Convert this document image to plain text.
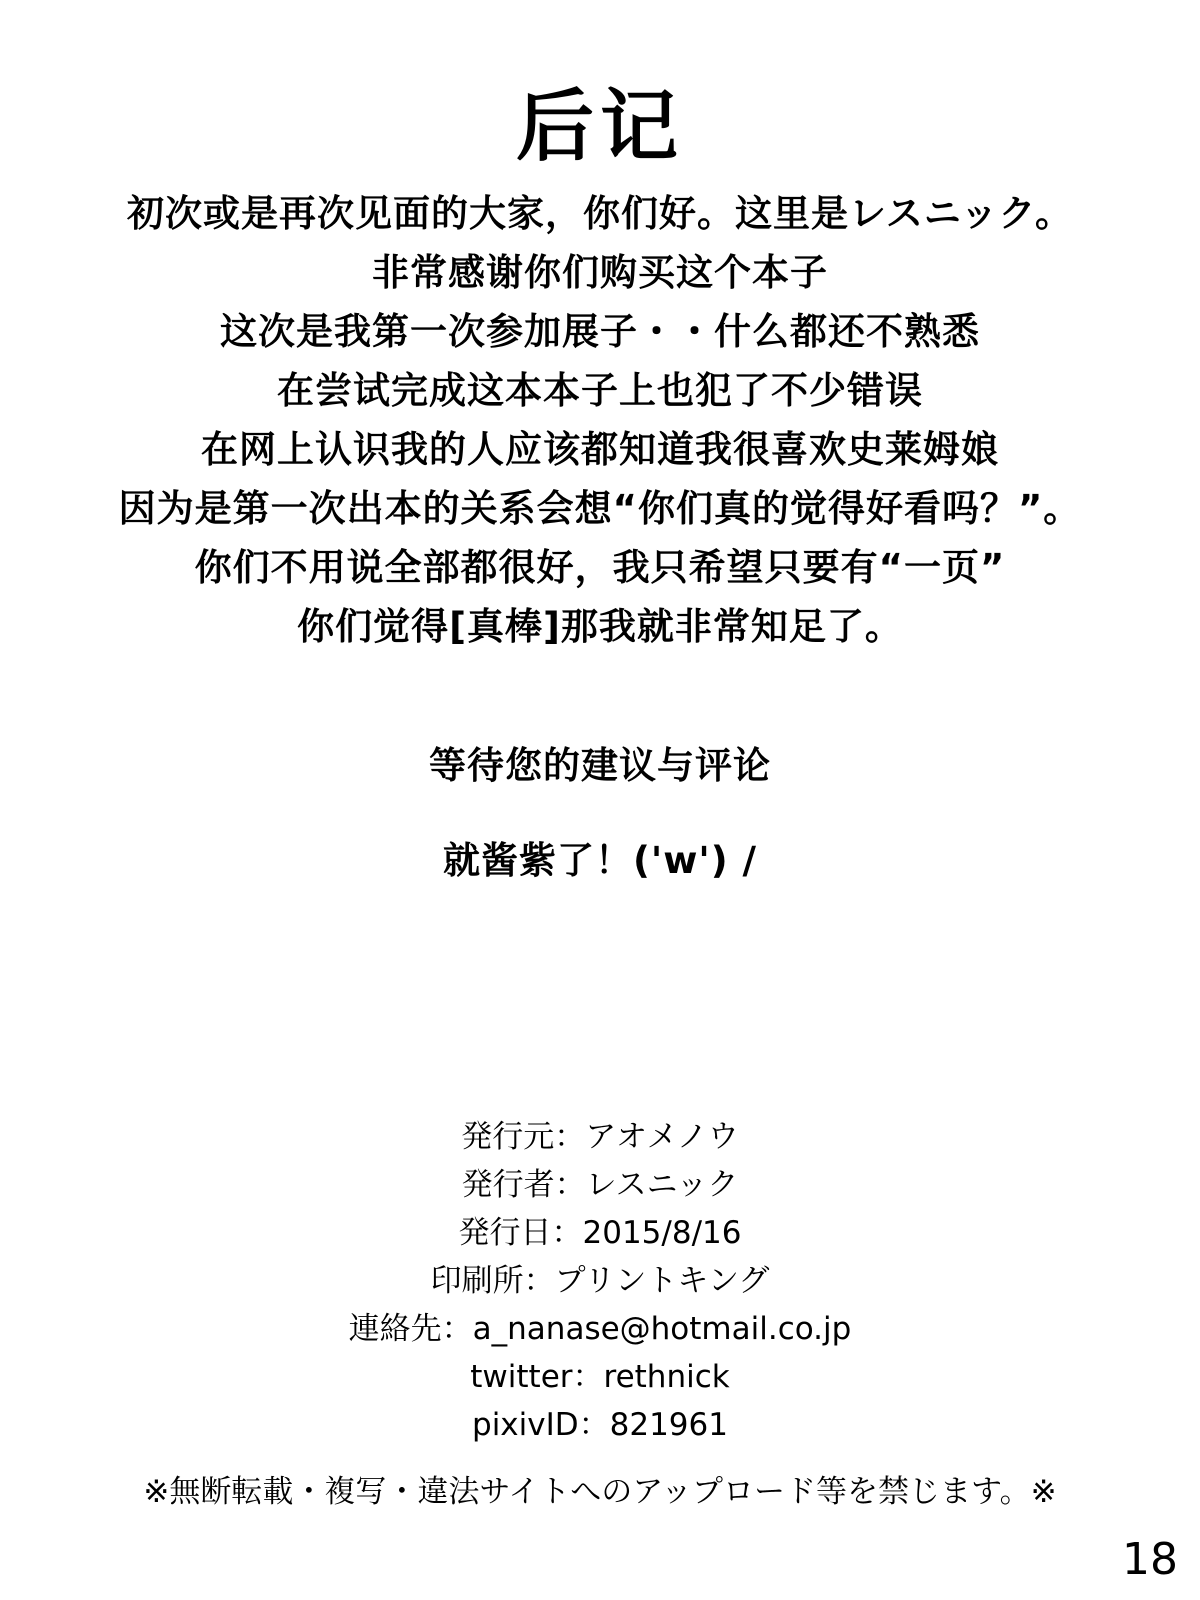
后记

初次或是再次见面的大家，你们好。这里是レスニック。

非常感谢你们购买这个本子

这次是我第一次参加展子・・什么都还不熟悉

在尝试完成这本本子上也犯了不少错误

在网上认识我的人应该都知道我很喜欢史莱姆娘

因为是第一次出本的关系会想“你们真的觉得好看吗？”。

你们不用说全部都很好，我只希望只要有“一页”

你们觉得[真棒]那我就非常知足了。

等待您的建议与评论

就酱紫了！('w') /

発行元：アオメノウ

発行者：レスニック

発行日：2015/8/16

印刷所：プリントキング

連絡先：a_nanase@hotmail.co.jp

twitter：rethnick

pixivID：821961

※無断転載・複写・違法サイトへのアップロード等を禁じます。※

18
